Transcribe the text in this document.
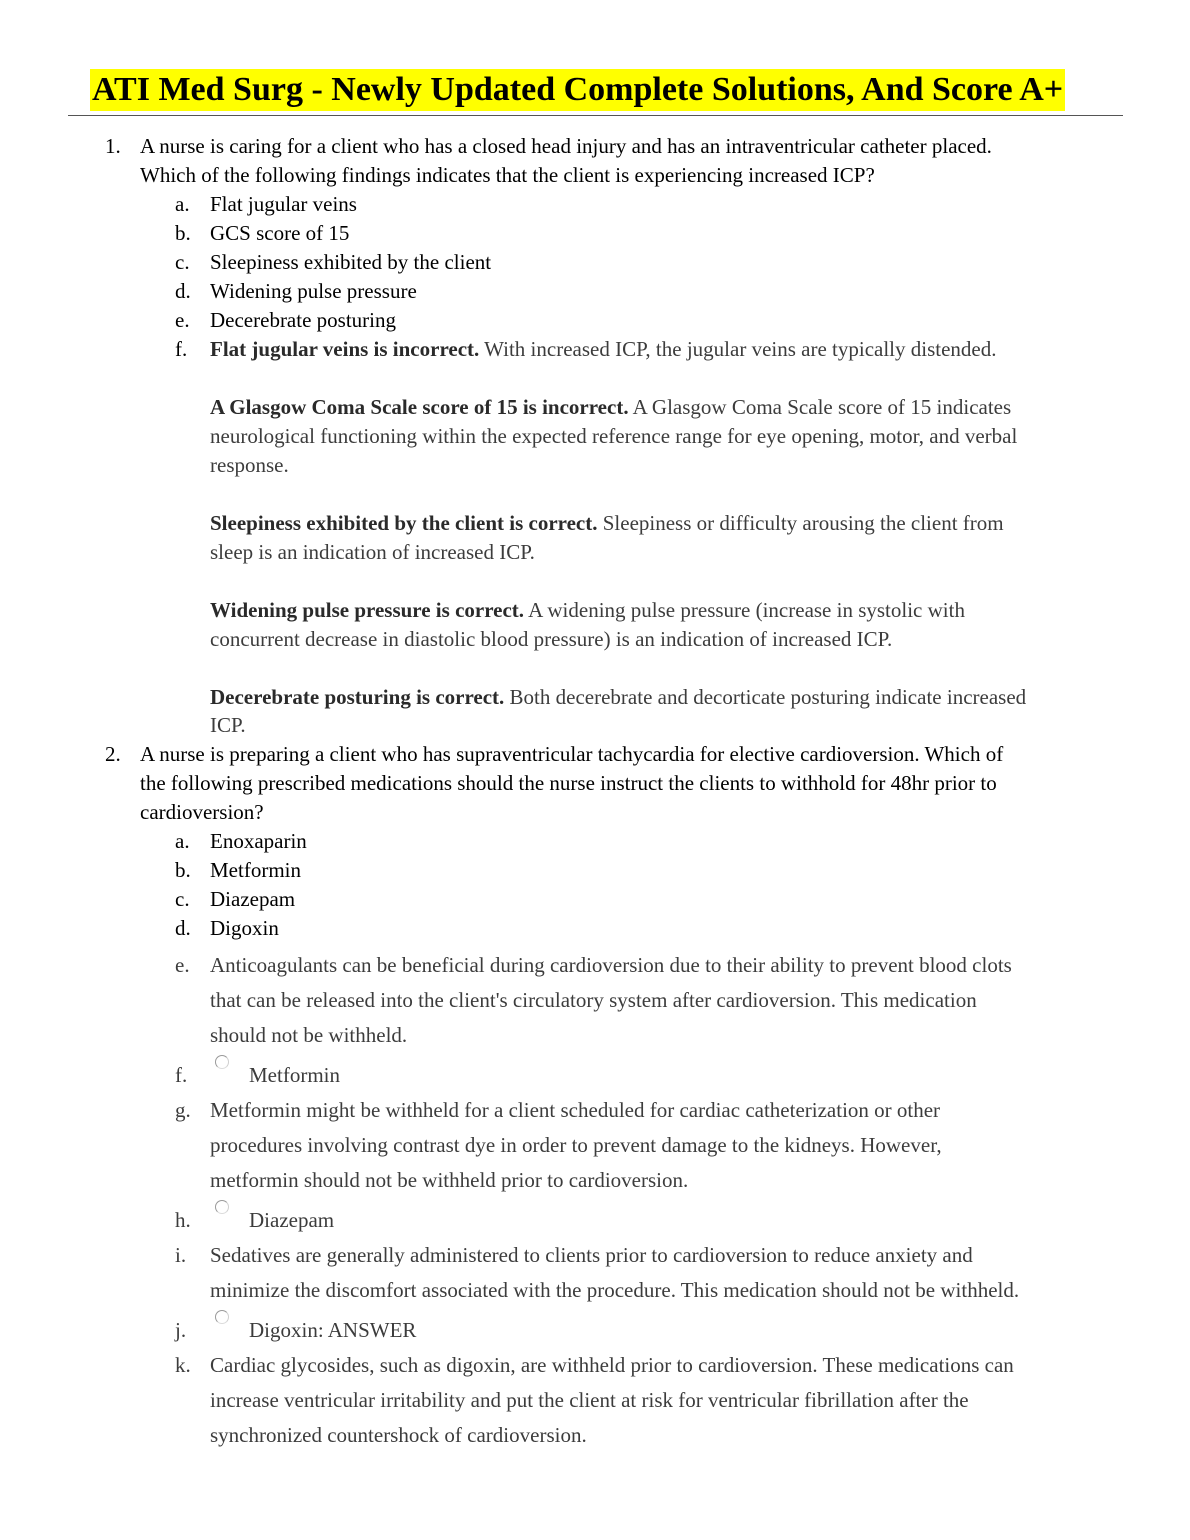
ATI Med Surg - Newly Updated Complete Solutions, And Score A+
1. A nurse is caring for a client who has a closed head injury and has an intraventricular catheter placed.
Which of the following findings indicates that the client is experiencing increased ICP?
a. Flat jugular veins
b. GCS score of 15
c. Sleepiness exhibited by the client
d. Widening pulse pressure
e. Decerebrate posturing
f. Flat jugular veins is incorrect. With increased ICP, the jugular veins are typically distended.
A Glasgow Coma Scale score of 15 is incorrect. A Glasgow Coma Scale score of 15 indicates
neurological functioning within the expected reference range for eye opening, motor, and verbal
response.
Sleepiness exhibited by the client is correct. Sleepiness or difficulty arousing the client from
sleep is an indication of increased ICP.
Widening pulse pressure is correct. A widening pulse pressure (increase in systolic with
concurrent decrease in diastolic blood pressure) is an indication of increased ICP.
Decerebrate posturing is correct. Both decerebrate and decorticate posturing indicate increased
ICP.
2. A nurse is preparing a client who has supraventricular tachycardia for elective cardioversion. Which of
the following prescribed medications should the nurse instruct the clients to withhold for 48hr prior to
cardioversion?
a. Enoxaparin
b. Metformin
c. Diazepam
d. Digoxin
e. Anticoagulants can be beneficial during cardioversion due to their ability to prevent blood clots
that can be released into the client's circulatory system after cardioversion. This medication
should not be withheld.
f.	Metformin
g. Metformin might be withheld for a client scheduled for cardiac catheterization or other
procedures involving contrast dye in order to prevent damage to the kidneys. However,
metformin should not be withheld prior to cardioversion.
h.	Diazepam
i. Sedatives are generally administered to clients prior to cardioversion to reduce anxiety and
minimize the discomfort associated with the procedure. This medication should not be withheld.
j.	Digoxin: ANSWER
k. Cardiac glycosides, such as digoxin, are withheld prior to cardioversion. These medications can
increase ventricular irritability and put the client at risk for ventricular fibrillation after the
synchronized countershock of cardioversion.
